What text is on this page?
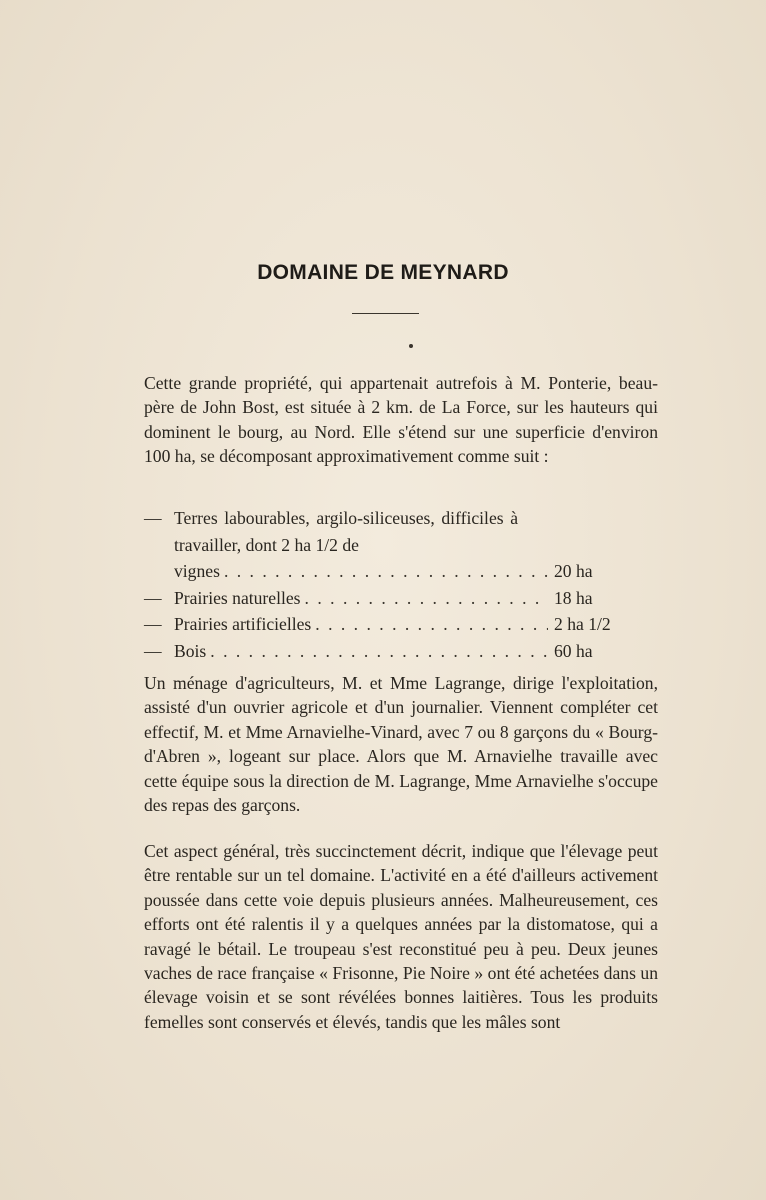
DOMAINE DE MEYNARD

Cette grande propriété, qui appartenait autrefois à M. Ponterie, beau-père de John Bost, est située à 2 km. de La Force, sur les hauteurs qui dominent le bourg, au Nord. Elle s'étend sur une superficie d'environ 100 ha, se décomposant approximativement comme suit :

— Terres labourables, argilo-siliceuses, difficiles à travailler, dont 2 ha 1/2 de
vignes . . .	20 ha
— Prairies naturelles . . .	18 ha
— Prairies artificielles . . .	2 ha 1/2
— Bois . . .	60 ha

Un ménage d'agriculteurs, M. et Mme Lagrange, dirige l'exploitation, assisté d'un ouvrier agricole et d'un journalier. Viennent compléter cet effectif, M. et Mme Arnavielhe-Vinard, avec 7 ou 8 garçons du « Bourg-d'Abren », logeant sur place. Alors que M. Arnavielhe travaille avec cette équipe sous la direction de M. Lagrange, Mme Arnavielhe s'occupe des repas des garçons.

Cet aspect général, très succinctement décrit, indique que l'élevage peut être rentable sur un tel domaine. L'activité en a été d'ailleurs activement poussée dans cette voie depuis plusieurs années. Malheureusement, ces efforts ont été ralentis il y a quelques années par la distomatose, qui a ravagé le bétail. Le troupeau s'est reconstitué peu à peu. Deux jeunes vaches de race française « Frisonne, Pie Noire » ont été achetées dans un élevage voisin et se sont révélées bonnes laitières. Tous les produits femelles sont conservés et élevés, tandis que les mâles sont
